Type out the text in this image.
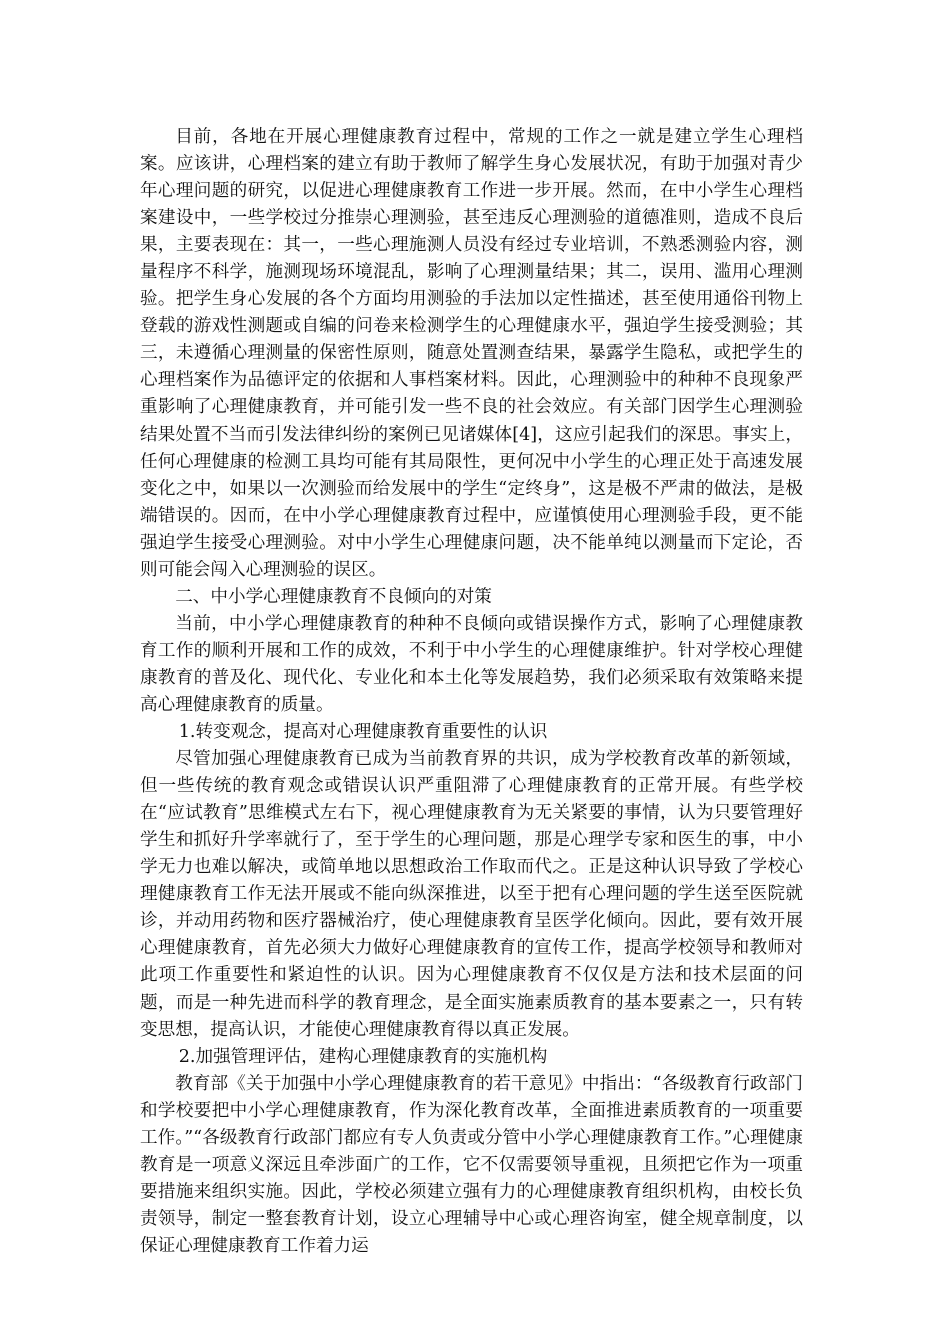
目前，各地在开展心理健康教育过程中，常规的工作之一就是建立学生心理档案。应该讲，心理档案的建立有助于教师了解学生身心发展状况，有助于加强对青少年心理问题的研究，以促进心理健康教育工作进一步开展。然而，在中小学生心理档案建设中，一些学校过分推崇心理测验，甚至违反心理测验的道德准则，造成不良后果，主要表现在：其一，一些心理施测人员没有经过专业培训，不熟悉测验内容，测量程序不科学，施测现场环境混乱，影响了心理测量结果；其二，误用、滥用心理测验。把学生身心发展的各个方面均用测验的手法加以定性描述，甚至使用通俗刊物上登载的游戏性测题或自编的问卷来检测学生的心理健康水平，强迫学生接受测验；其三，未遵循心理测量的保密性原则，随意处置测查结果，暴露学生隐私，或把学生的心理档案作为品德评定的依据和人事档案材料。因此，心理测验中的种种不良现象严重影响了心理健康教育，并可能引发一些不良的社会效应。有关部门因学生心理测验结果处置不当而引发法律纠纷的案例已见诸媒体[4]，这应引起我们的深思。事实上，任何心理健康的检测工具均可能有其局限性，更何况中小学生的心理正处于高速发展变化之中，如果以一次测验而给发展中的学生“定终身”，这是极不严肃的做法，是极端错误的。因而，在中小学心理健康教育过程中，应谨慎使用心理测验手段，更不能强迫学生接受心理测验。对中小学生心理健康问题，决不能单纯以测量而下定论，否则可能会闯入心理测验的误区。

二、中小学心理健康教育不良倾向的对策

当前，中小学心理健康教育的种种不良倾向或错误操作方式，影响了心理健康教育工作的顺利开展和工作的成效，不利于中小学生的心理健康维护。针对学校心理健康教育的普及化、现代化、专业化和本土化等发展趋势，我们必须采取有效策略来提高心理健康教育的质量。

1.转变观念，提高对心理健康教育重要性的认识

尽管加强心理健康教育已成为当前教育界的共识，成为学校教育改革的新领域，但一些传统的教育观念或错误认识严重阻滞了心理健康教育的正常开展。有些学校在“应试教育”思维模式左右下，视心理健康教育为无关紧要的事情，认为只要管理好学生和抓好升学率就行了，至于学生的心理问题，那是心理学专家和医生的事，中小学无力也难以解决，或简单地以思想政治工作取而代之。正是这种认识导致了学校心理健康教育工作无法开展或不能向纵深推进，以至于把有心理问题的学生送至医院就诊，并动用药物和医疗器械治疗，使心理健康教育呈医学化倾向。因此，要有效开展心理健康教育，首先必须大力做好心理健康教育的宣传工作，提高学校领导和教师对此项工作重要性和紧迫性的认识。因为心理健康教育不仅仅是方法和技术层面的问题，而是一种先进而科学的教育理念，是全面实施素质教育的基本要素之一，只有转变思想，提高认识，才能使心理健康教育得以真正发展。

2.加强管理评估，建构心理健康教育的实施机构

教育部《关于加强中小学心理健康教育的若干意见》中指出：“各级教育行政部门和学校要把中小学心理健康教育，作为深化教育改革，全面推进素质教育的一项重要工作。”“各级教育行政部门都应有专人负责或分管中小学心理健康教育工作。”心理健康教育是一项意义深远且牵涉面广的工作，它不仅需要领导重视，且须把它作为一项重要措施来组织实施。因此，学校必须建立强有力的心理健康教育组织机构，由校长负责领导，制定一整套教育计划，设立心理辅导中心或心理咨询室，健全规章制度，以保证心理健康教育工作着力运
